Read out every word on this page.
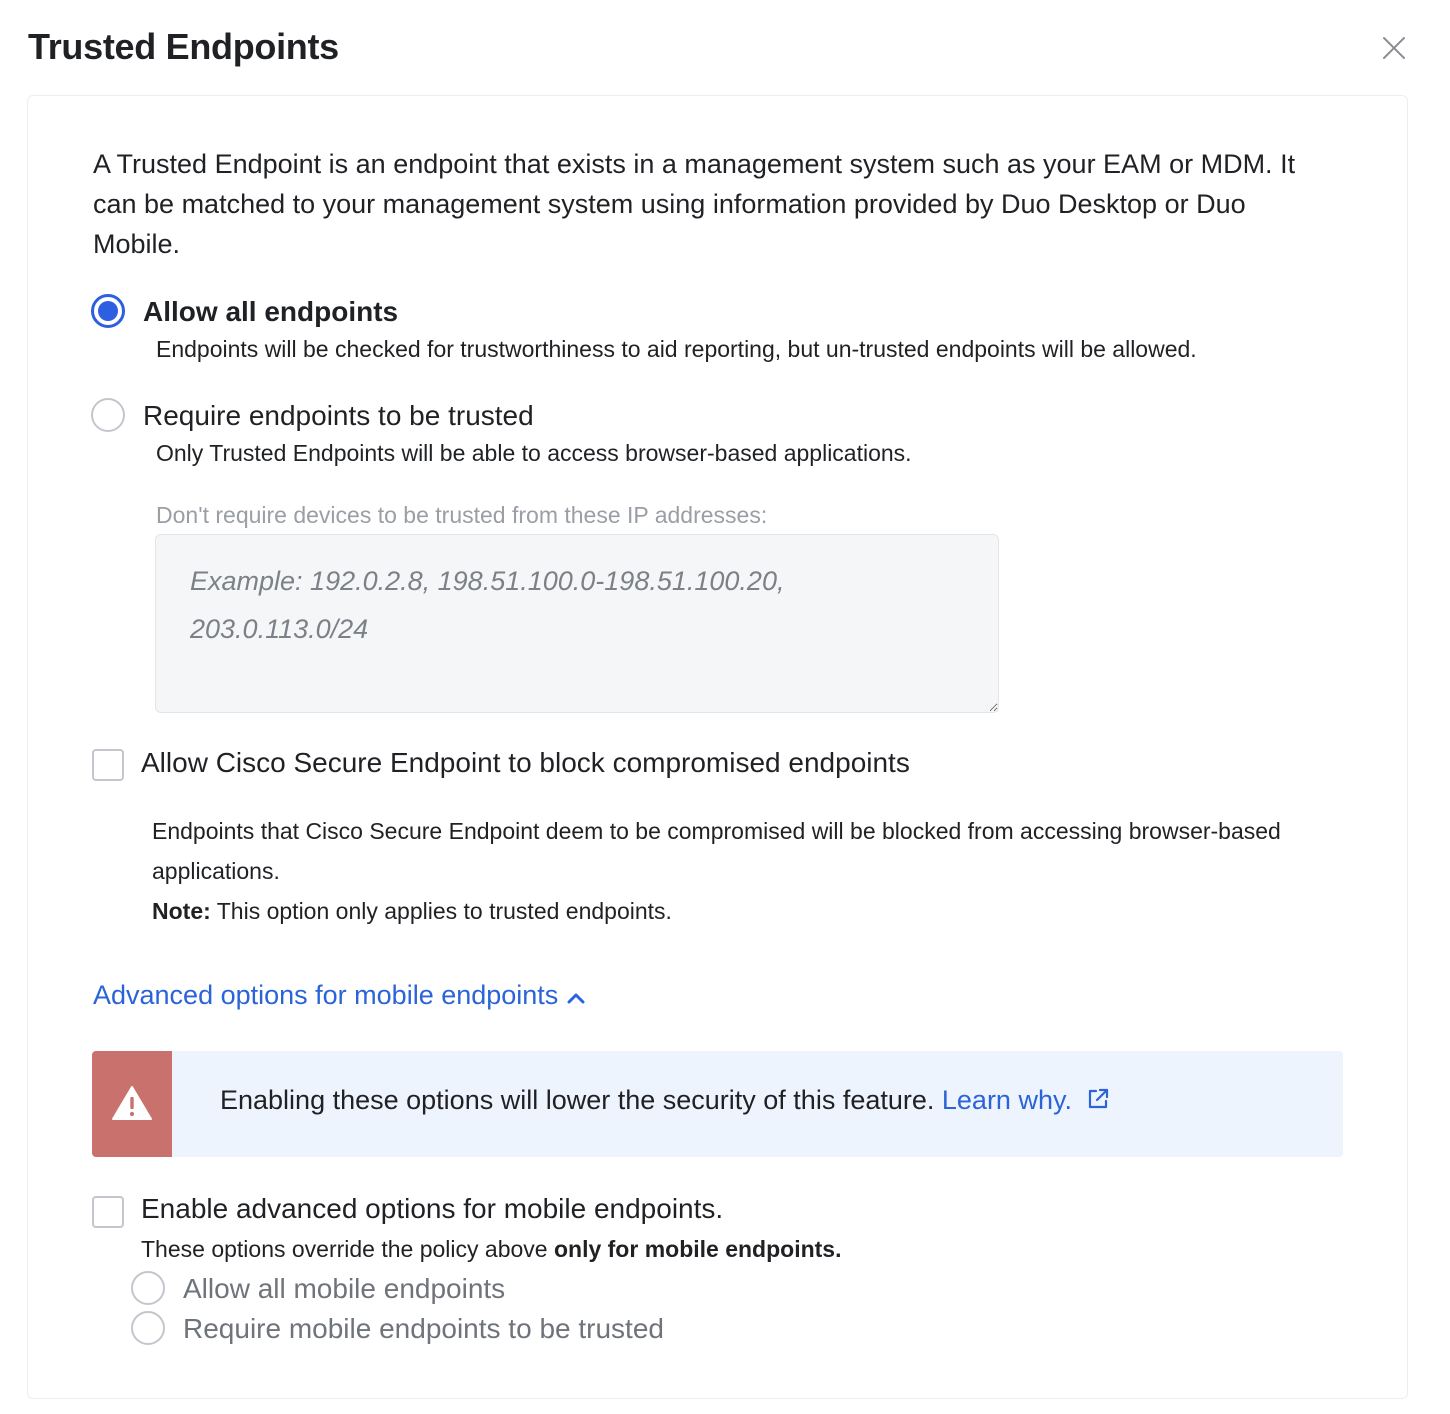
Trusted Endpoints

A Trusted Endpoint is an endpoint that exists in a management system such as your EAM or MDM. It can be matched to your management system using information provided by Duo Desktop or Duo Mobile.

Allow all endpoints
Endpoints will be checked for trustworthiness to aid reporting, but un-trusted endpoints will be allowed.
Require endpoints to be trusted
Only Trusted Endpoints will be able to access browser-based applications.
Don't require devices to be trusted from these IP addresses:
Example: 192.0.2.8, 198.51.100.0-198.51.100.20, 203.0.113.0/24
Allow Cisco Secure Endpoint to block compromised endpoints

Endpoints that Cisco Secure Endpoint deem to be compromised will be blocked from accessing browser-based applications.

Note: This option only applies to trusted endpoints.

Advanced options for mobile endpoints
Enabling these options will lower the security of this feature. Learn why.
Enable advanced options for mobile endpoints.
These options override the policy above only for mobile endpoints.
Allow all mobile endpoints
Require mobile endpoints to be trusted
